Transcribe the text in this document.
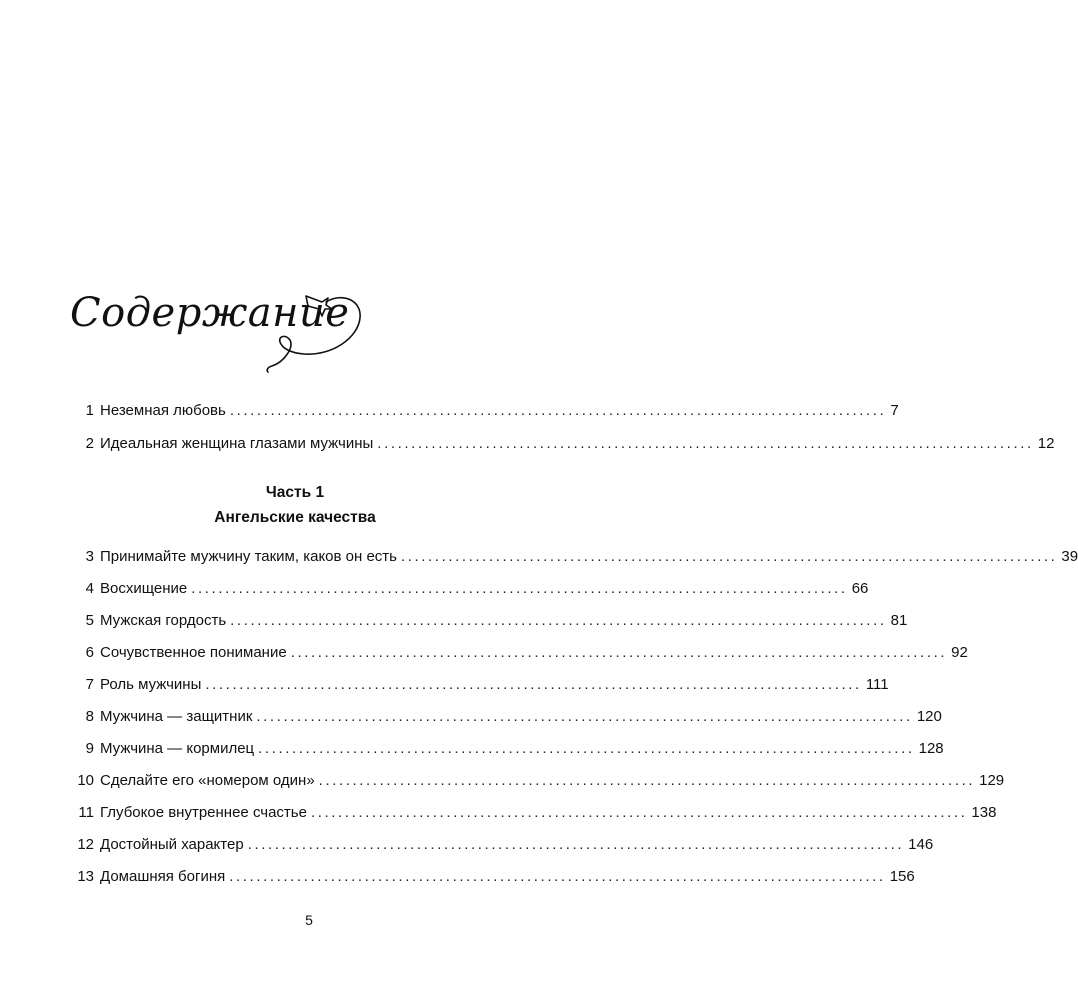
Содержание
1 Неземная любовь ................................................................................................. 7
2 Идеальная женщина глазами мужчины ................................................................................................. 12
Часть 1
Ангельские качества
3 Принимайте мужчину таким, каков он есть ................................................................................................. 39
4 Восхищение ................................................................................................. 66
5 Мужская гордость ................................................................................................. 81
6 Сочувственное понимание ................................................................................................. 92
7 Роль мужчины ................................................................................................. 111
8 Мужчина — защитник ................................................................................................. 120
9 Мужчина — кормилец ................................................................................................. 128
10 Сделайте его «номером один» ................................................................................................. 129
11 Глубокое внутреннее счастье ................................................................................................. 138
12 Достойный характер ................................................................................................. 146
13 Домашняя богиня ................................................................................................. 156
5
